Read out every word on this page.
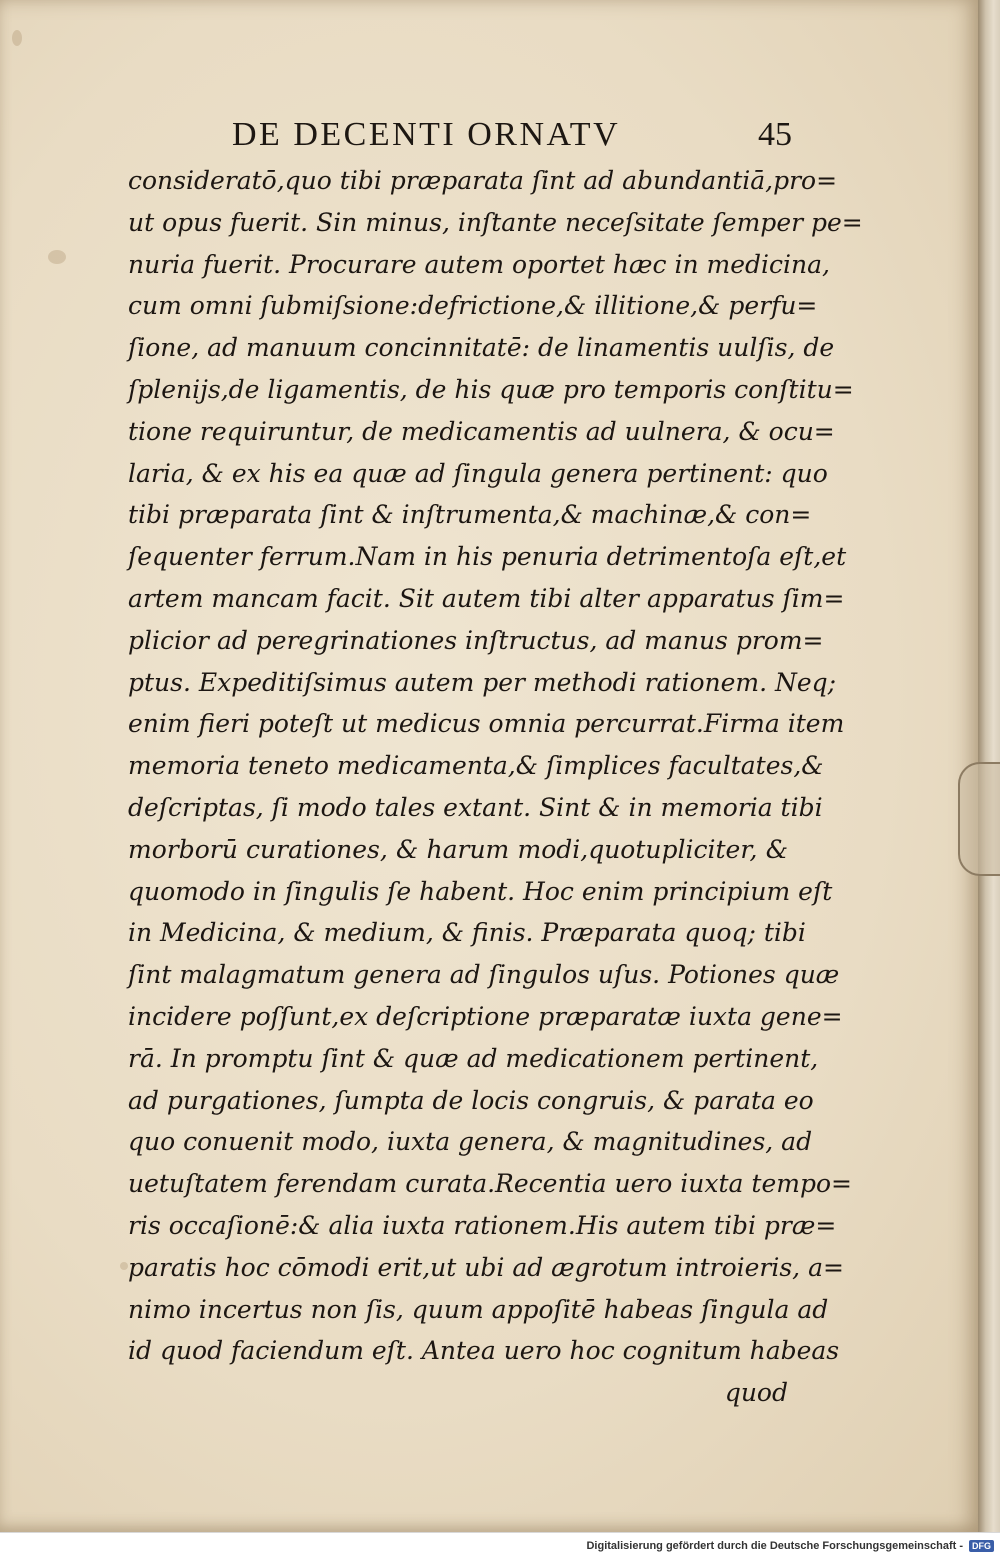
DE DECENTI ORNATV	45
consideratō,quo tibi præparata ſint ad abundantiā,pro=
ut opus fuerit. Sin minus, inſtante neceſsitate ſemper pe=
nuria fuerit. Procurare autem oportet hæc in medicina,
cum omni ſubmiſsione:defrictione,& illitione,& perfu=
ſione, ad manuum concinnitatē: de linamentis uulſis, de
ſplenijs,de ligamentis, de his quæ pro temporis conſtitu=
tione requiruntur, de medicamentis ad uulnera, & ocu=
laria, & ex his ea quæ ad ſingula genera pertinent: quo
tibi præparata ſint & inſtrumenta,& machinæ,& con=
ſequenter ferrum.Nam in his penuria detrimentoſa eſt,et
artem mancam facit. Sit autem tibi alter apparatus ſim=
plicior ad peregrinationes inſtructus, ad manus prom=
ptus. Expeditiſsimus autem per methodi rationem. Neq;
enim fieri poteſt ut medicus omnia percurrat.Firma item
memoria teneto medicamenta,& ſimplices facultates,&
deſcriptas, ſi modo tales extant. Sint & in memoria tibi
morborū curationes, & harum modi,quotupliciter, &
quomodo in ſingulis ſe habent. Hoc enim principium eſt
in Medicina, & medium, & finis. Præparata quoq; tibi
ſint malagmatum genera ad ſingulos uſus. Potiones quæ
incidere poſſunt,ex deſcriptione præparatæ iuxta gene=
rā. In promptu ſint & quæ ad medicationem pertinent,
ad purgationes, ſumpta de locis congruis, & parata eo
quo conuenit modo, iuxta genera, & magnitudines, ad
uetuſtatem ferendam curata.Recentia uero iuxta tempo=
ris occaſionē:& alia iuxta rationem.His autem tibi præ=
paratis hoc cōmodi erit,ut ubi ad ægrotum introieris, a=
nimo incertus non ſis, quum appoſitē habeas ſingula ad
id quod faciendum eſt. Antea uero hoc cognitum habeas
quod
Digitalisierung gefördert durch die Deutsche Forschungsgemeinschaft -	DFG
